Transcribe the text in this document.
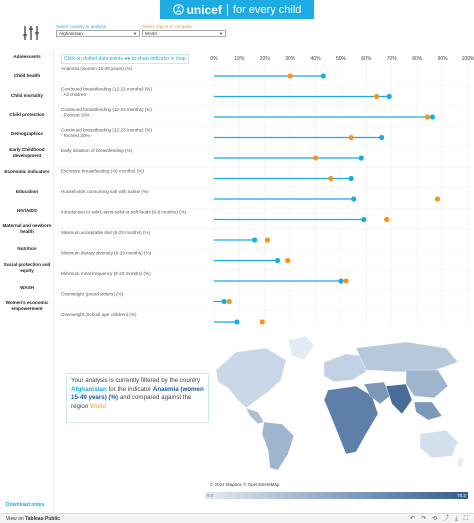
unicef for every child
Select country to analyse
Afghanistan	▼
Select region to compare
World	▼
Adolescents
Child health
Child mortality
Child protection
Demographics
Early Childhood development
Economic indicators
Education
HIV/AIDS
Maternal and newborn health
Nutrition
Social protection and equity
WASH
Women's economic empowerment
Download notes
0%	10%	20%	30%	40%	50%	60%	70%	80%	90%	100%
Anaemia (women 15-49 years) (%)
Continued breastfeeding (12-23 months) (%)
- All children -
Continued breastfeeding (12-23 months) (%)
- Poorest 20% -
Continued breastfeeding (12-23 months) (%)
- Richest 20% -
Early initiation of breastfeeding (%)
Exclusive breastfeeding (<6 months) (%)
Households consuming salt with iodine (%)
Introduction to solid, semi-solid or soft foods (6-8 months) (%)
Minimum acceptable diet (6-23 months) (%)
Minimum dietary diversity (6-23 months) (%)
Minimum meal frequency (6-23 months) (%)
Overweight (preschoolers) (%)
Overweight (school age children) (%)
Click on dotted data points ●● to show indicator in map
Your analysis is currently filtered by the country Afghanistan for the indicator Anaemia (women 15-49 years) (%) and compared against the region World
© 2024 Mapbox © OpenStreetMap
9.0	70.2
View on Tableau Public	↶ ↷ ⟲ ⤴ ⤓ ⛶
